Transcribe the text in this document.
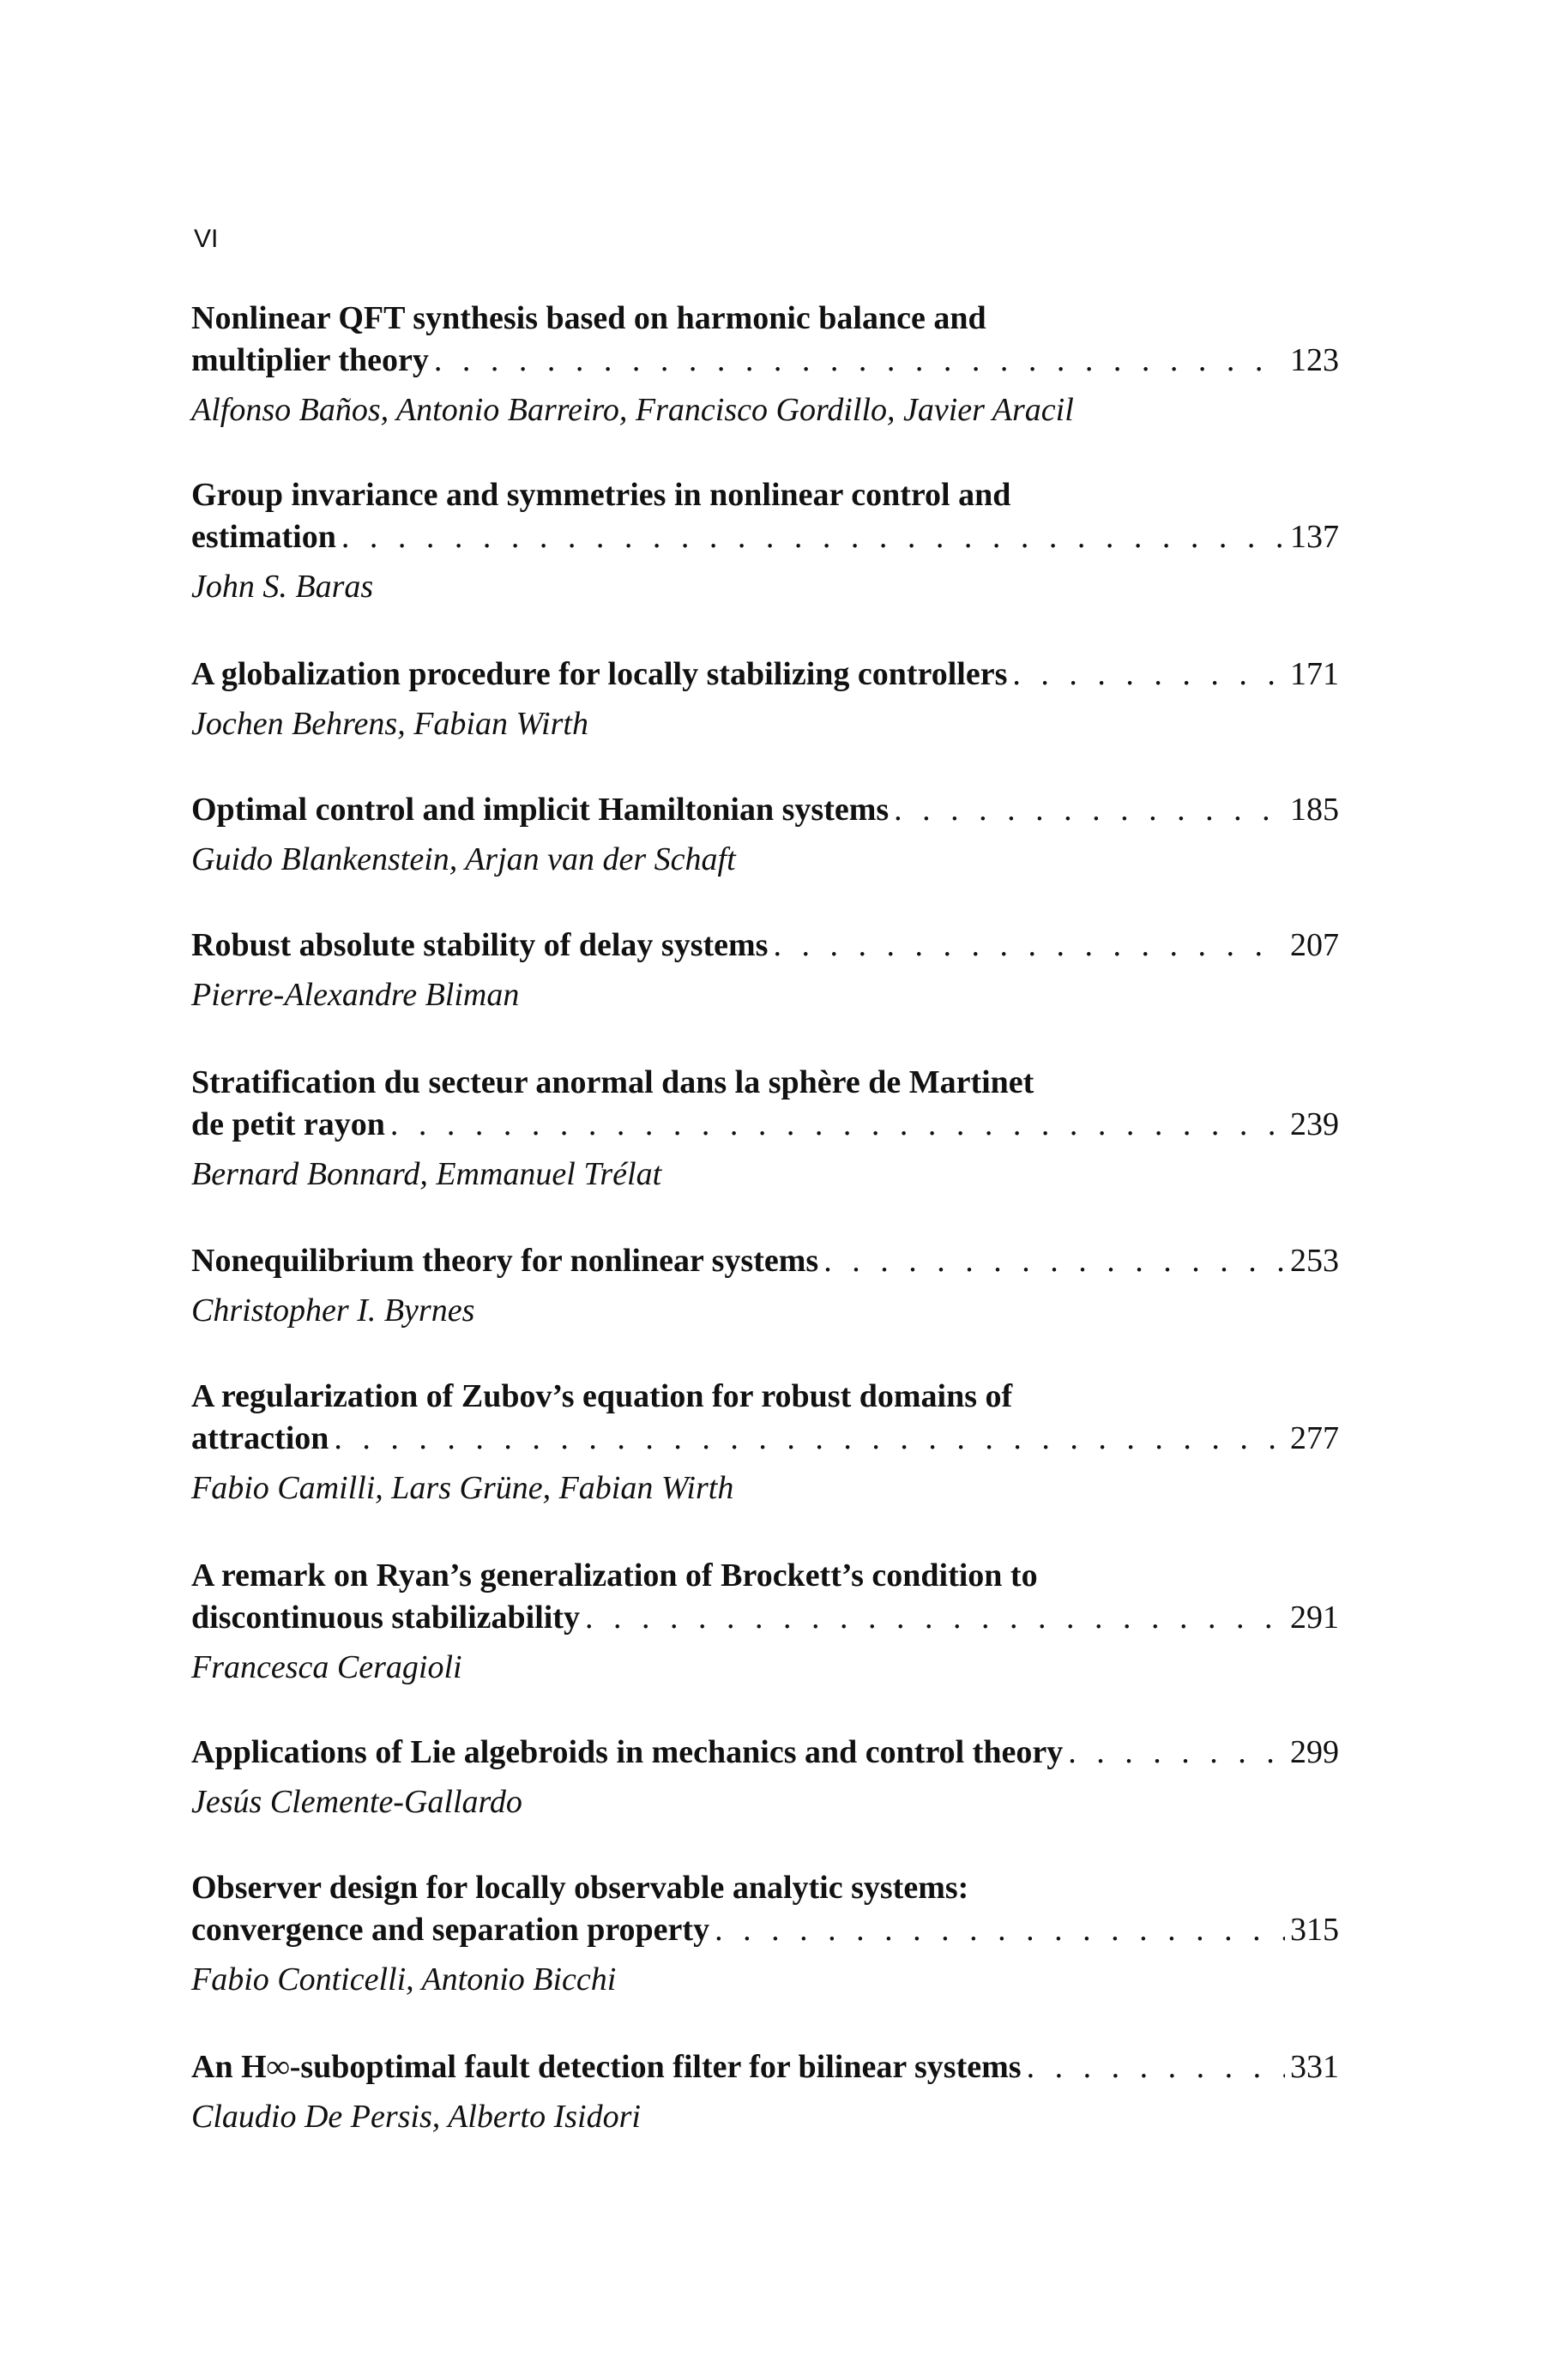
VI
Nonlinear QFT synthesis based on harmonic balance and
multiplier theory . . .	123
Alfonso Baños, Antonio Barreiro, Francisco Gordillo, Javier Aracil
Group invariance and symmetries in nonlinear control and
estimation . . .	137
John S. Baras
A globalization procedure for locally stabilizing controllers . . .	171
Jochen Behrens, Fabian Wirth
Optimal control and implicit Hamiltonian systems . . .	185
Guido Blankenstein, Arjan van der Schaft
Robust absolute stability of delay systems . . .	207
Pierre-Alexandre Bliman
Stratification du secteur anormal dans la sphère de Martinet
de petit rayon . . .	239
Bernard Bonnard, Emmanuel Trélat
Nonequilibrium theory for nonlinear systems . . .	253
Christopher I. Byrnes
A regularization of Zubov’s equation for robust domains of
attraction . . .	277
Fabio Camilli, Lars Grüne, Fabian Wirth
A remark on Ryan’s generalization of Brockett’s condition to
discontinuous stabilizability . . .	291
Francesca Ceragioli
Applications of Lie algebroids in mechanics and control theory . . .	299
Jesús Clemente-Gallardo
Observer design for locally observable analytic systems:
convergence and separation property . . .	315
Fabio Conticelli, Antonio Bicchi
An H∞-suboptimal fault detection filter for bilinear systems . . .	331
Claudio De Persis, Alberto Isidori
